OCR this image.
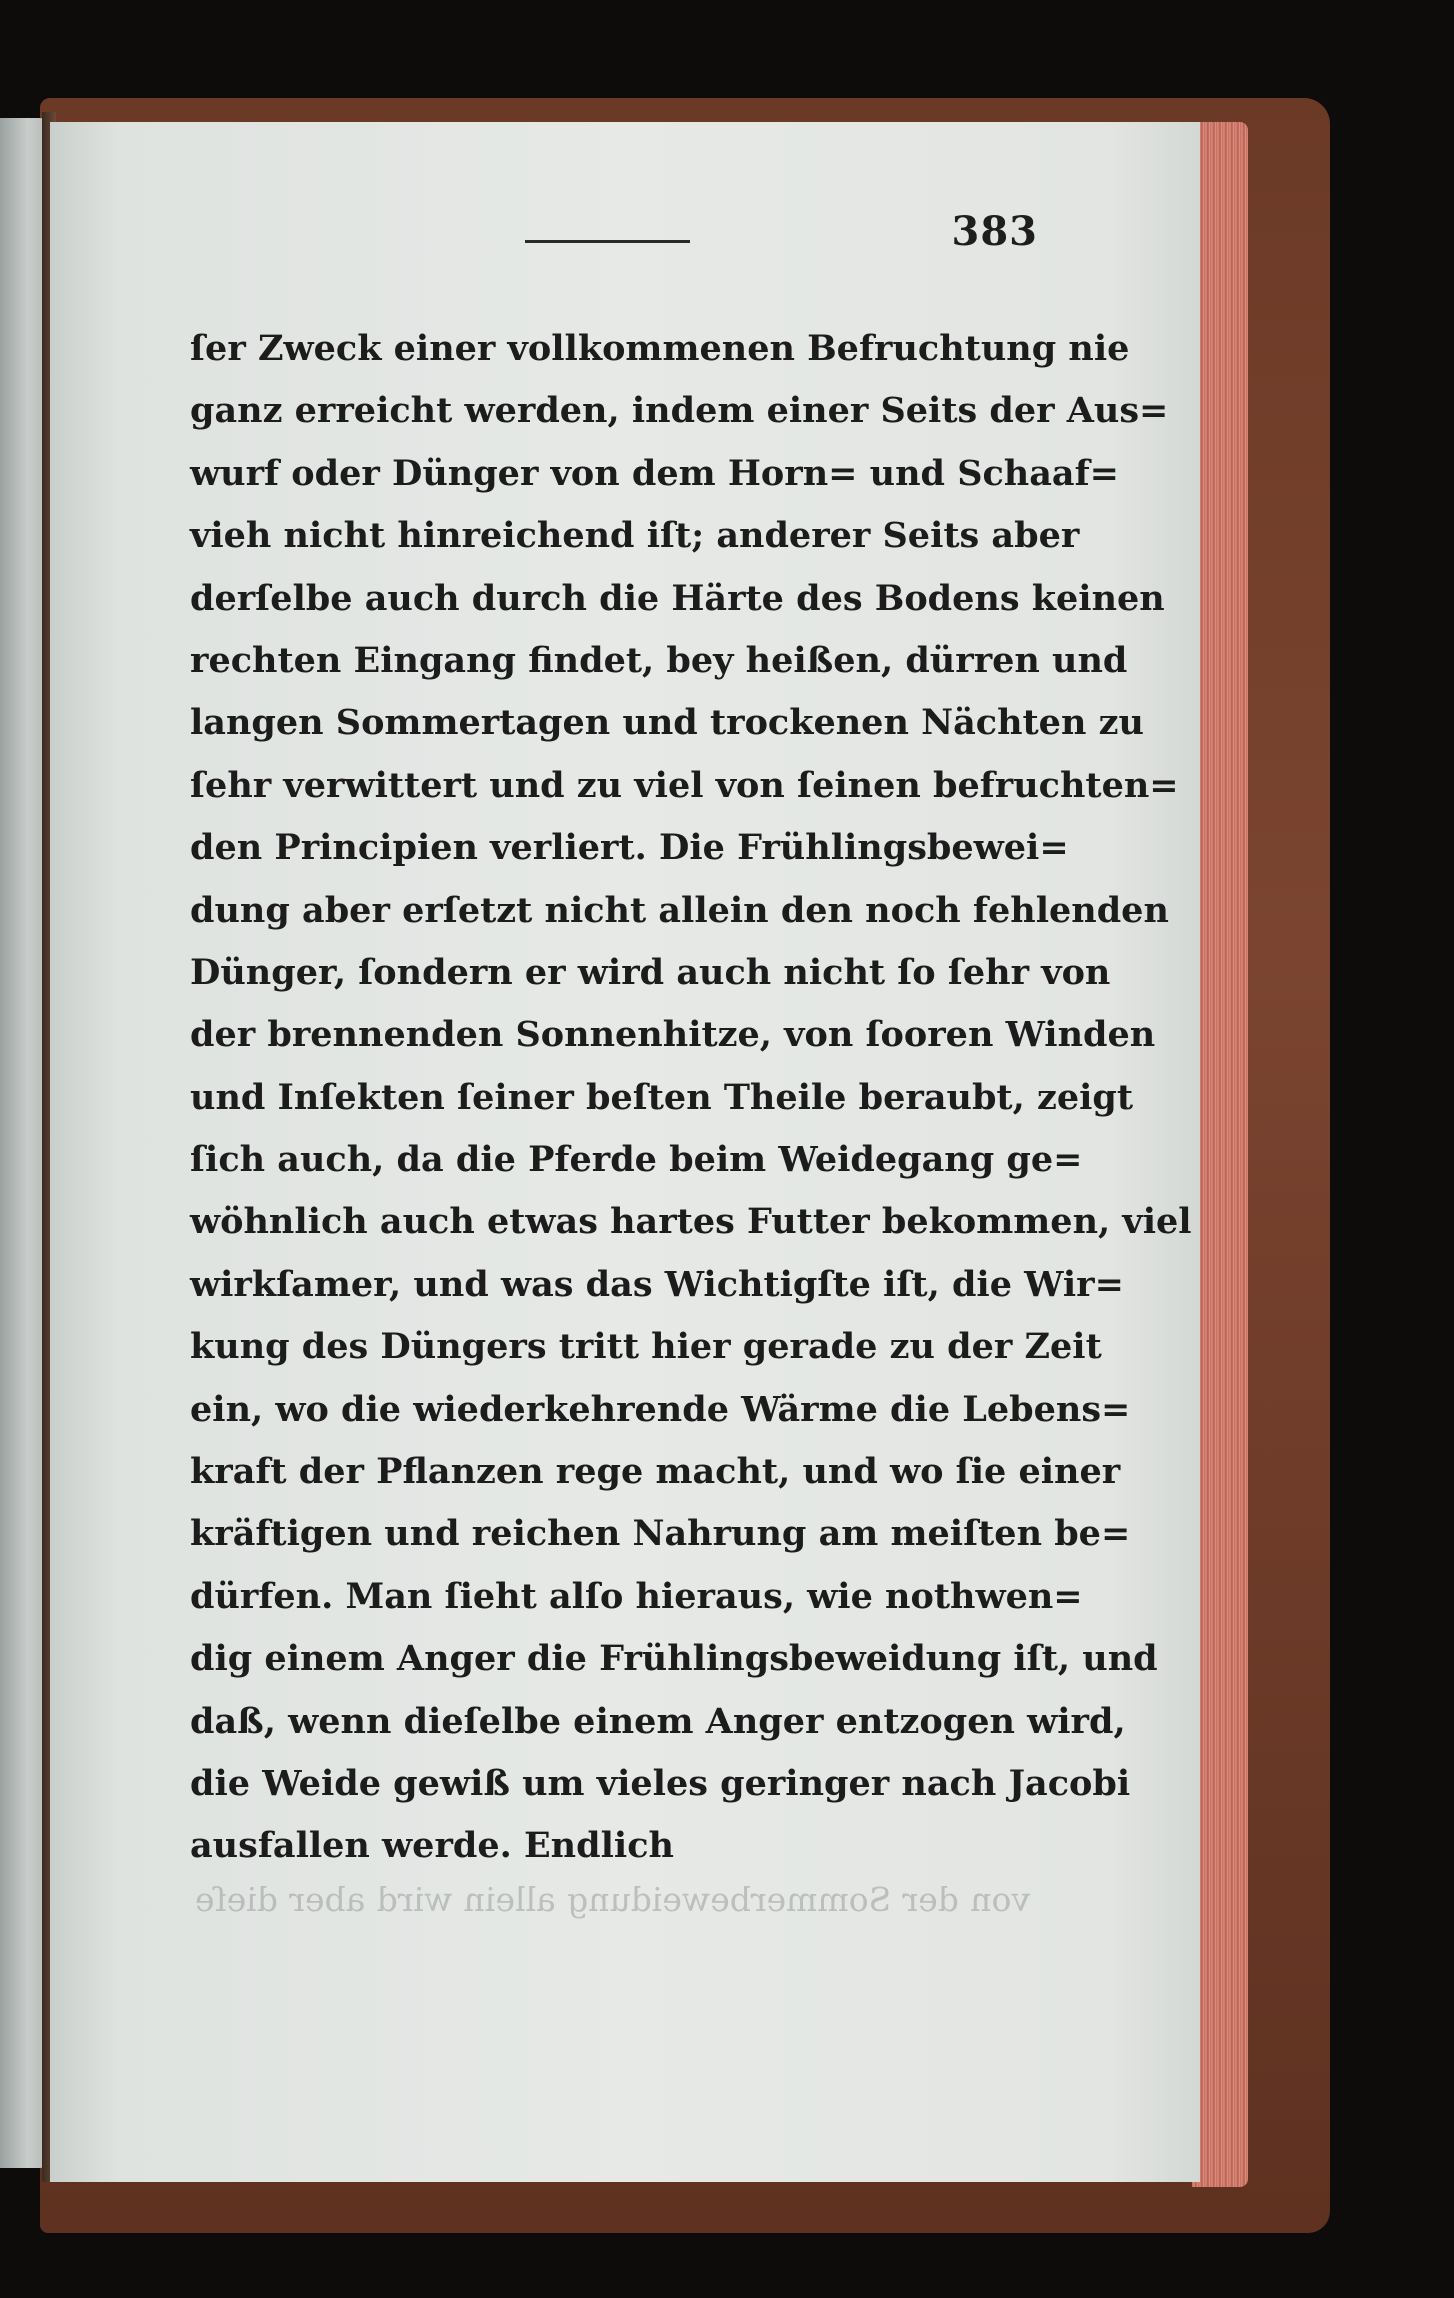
383
ſer Zweck einer vollkommenen Befruchtung nie
ganz erreicht werden, indem einer Seits der Aus=
wurf oder Dünger von dem Horn= und Schaaf=
vieh nicht hinreichend iſt; anderer Seits aber
derſelbe auch durch die Härte des Bodens keinen
rechten Eingang findet, bey heißen, dürren und
langen Sommertagen und trockenen Nächten zu
ſehr verwittert und zu viel von ſeinen befruchten=
den Principien verliert. Die Frühlingsbewei=
dung aber erſetzt nicht allein den noch fehlenden
Dünger, ſondern er wird auch nicht ſo ſehr von
der brennenden Sonnenhitze, von ſooren Winden
und Inſekten ſeiner beſten Theile beraubt, zeigt
ſich auch, da die Pferde beim Weidegang ge=
wöhnlich auch etwas hartes Futter bekommen, viel
wirkſamer, und was das Wichtigſte iſt, die Wir=
kung des Düngers tritt hier gerade zu der Zeit
ein, wo die wiederkehrende Wärme die Lebens=
kraft der Pflanzen rege macht, und wo ſie einer
kräftigen und reichen Nahrung am meiſten be=
dürfen. Man ſieht alſo hieraus, wie nothwen=
dig einem Anger die Frühlingsbeweidung iſt, und
daß, wenn dieſelbe einem Anger entzogen wird,
die Weide gewiß um vieles geringer nach Jacobi
ausfallen werde. Endlich
von der Sommerbeweidung allein wird aber dieſe
